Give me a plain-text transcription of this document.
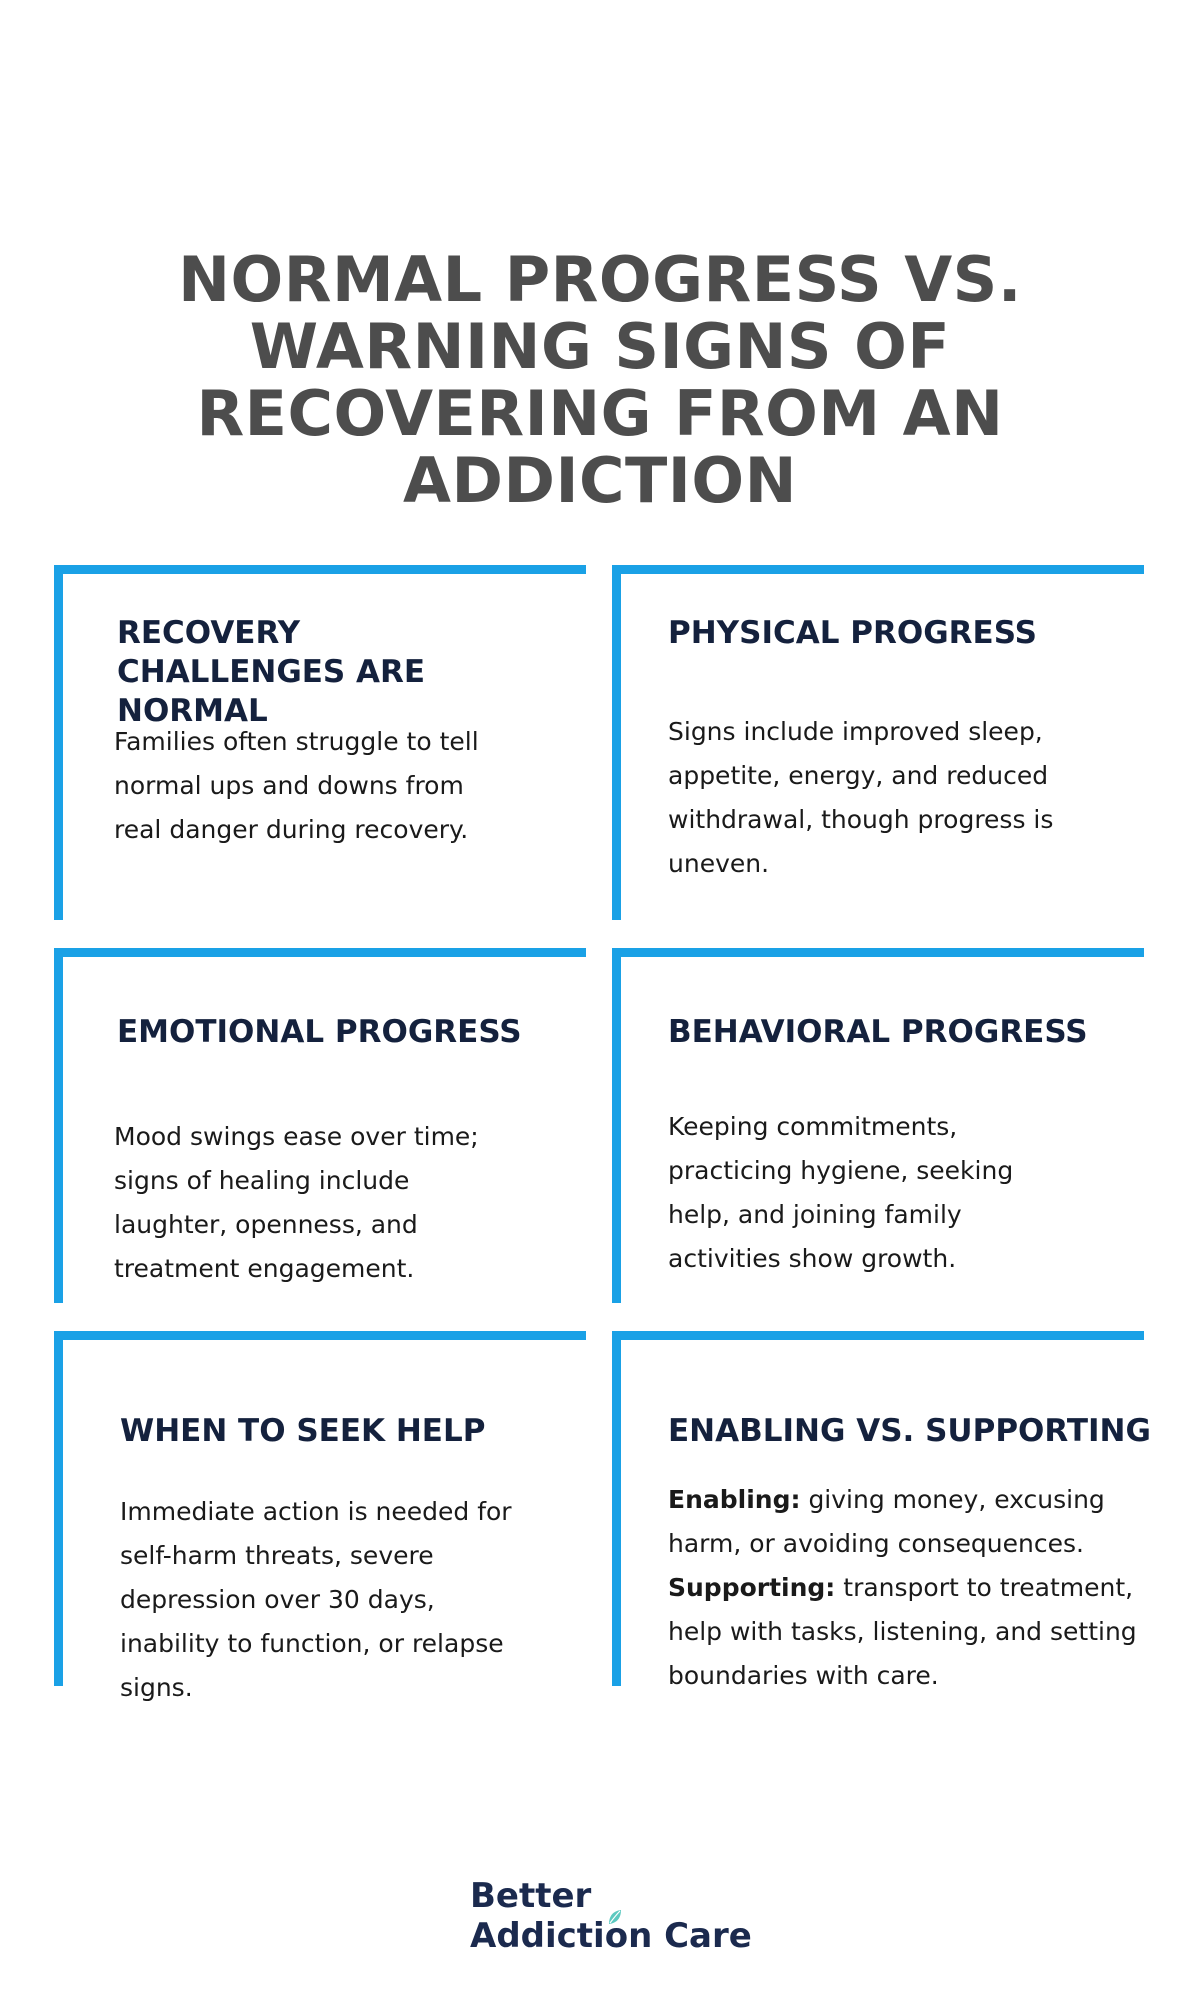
NORMAL PROGRESS VS. WARNING SIGNS OF RECOVERING FROM AN ADDICTION
RECOVERY CHALLENGES ARE NORMAL

Families often struggle to tell normal ups and downs from real danger during recovery.

PHYSICAL PROGRESS

Signs include improved sleep, appetite, energy, and reduced withdrawal, though progress is uneven.

EMOTIONAL PROGRESS

Mood swings ease over time; signs of healing include laughter, openness, and treatment engagement.

BEHAVIORAL PROGRESS

Keeping commitments, practicing hygiene, seeking help, and joining family activities show growth.

WHEN TO SEEK HELP

Immediate action is needed for self-harm threats, severe depression over 30 days, inability to function, or relapse signs.

ENABLING VS. SUPPORTING

Enabling: giving money, excusing harm, or avoiding consequences.
Supporting: transport to treatment, help with tasks, listening, and setting boundaries with care.

Better
Addiction Care
